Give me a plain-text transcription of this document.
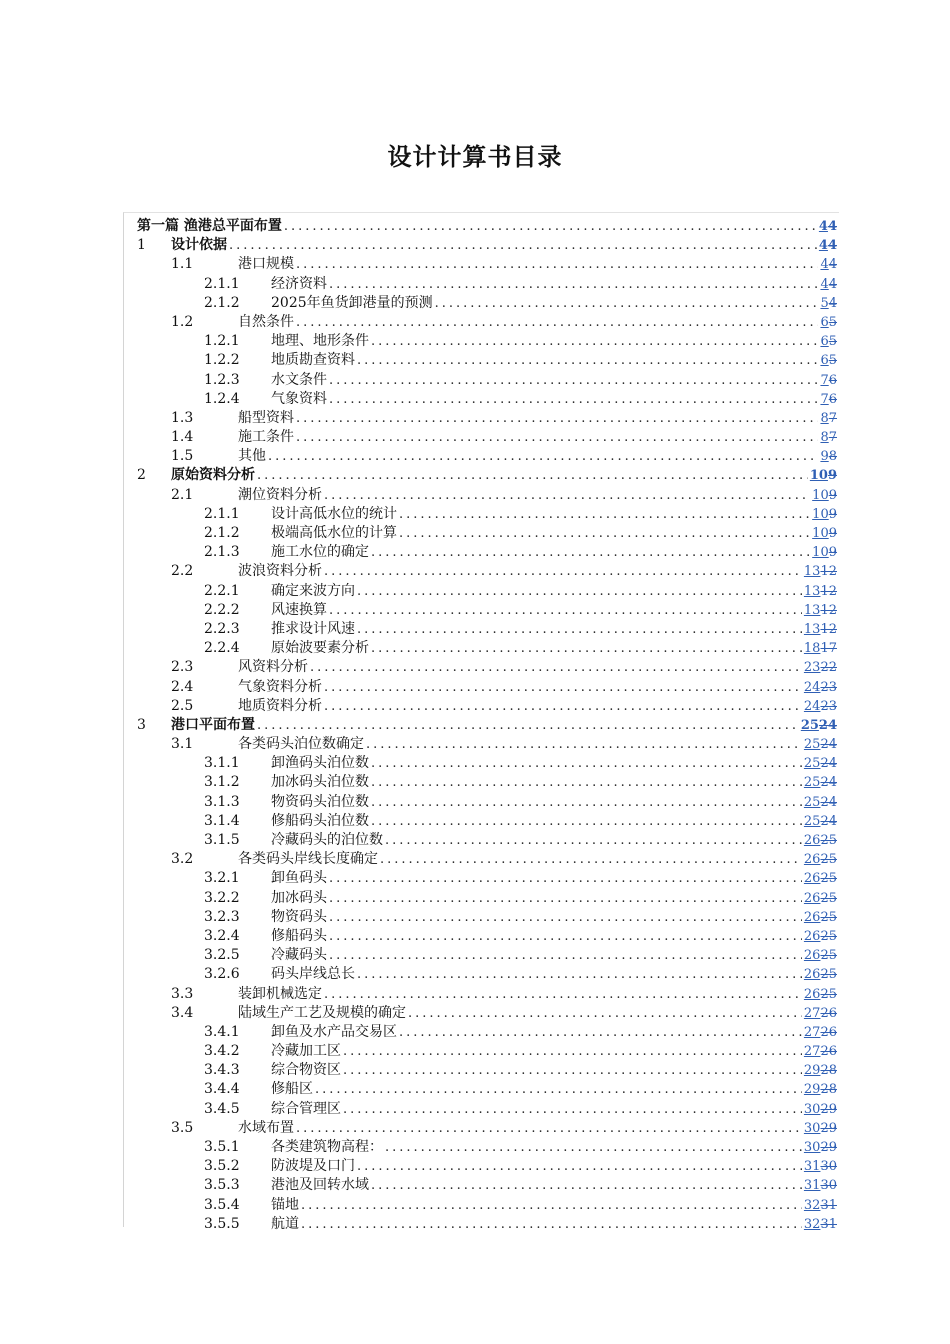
设计计算书目录
第一篇 渔港总平面布置 .....	44
1	设计依据 .....	44
1.1	港口规模 .....	44
2.1.1	经济资料 .....	44
2.1.2	2025年鱼货卸港量的预测 .....	54
1.2	自然条件 .....	65
1.2.1	地理、地形条件 .....	65
1.2.2	地质勘查资料 .....	65
1.2.3	水文条件 .....	76
1.2.4	气象资料 .....	76
1.3	船型资料 .....	87
1.4	施工条件 .....	87
1.5	其他 .....	98
2	原始资料分析 .....	109
2.1	潮位资料分析 .....	109
2.1.1	设计高低水位的统计 .....	109
2.1.2	极端高低水位的计算 .....	109
2.1.3	施工水位的确定 .....	109
2.2	波浪资料分析 .....	1312
2.2.1	确定来波方向 .....	1312
2.2.2	风速换算 .....	1312
2.2.3	推求设计风速 .....	1312
2.2.4	原始波要素分析 .....	1817
2.3	风资料分析 .....	2322
2.4	气象资料分析 .....	2423
2.5	地质资料分析 .....	2423
3	港口平面布置 .....	2524
3.1	各类码头泊位数确定 .....	2524
3.1.1	卸渔码头泊位数 .....	2524
3.1.2	加冰码头泊位数 .....	2524
3.1.3	物资码头泊位数 .....	2524
3.1.4	修船码头泊位数 .....	2524
3.1.5	冷藏码头的泊位数 .....	2625
3.2	各类码头岸线长度确定 .....	2625
3.2.1	卸鱼码头 .....	2625
3.2.2	加冰码头 .....	2625
3.2.3	物资码头 .....	2625
3.2.4	修船码头 .....	2625
3.2.5	冷藏码头 .....	2625
3.2.6	码头岸线总长 .....	2625
3.3	装卸机械选定 .....	2625
3.4	陆域生产工艺及规模的确定 .....	2726
3.4.1	卸鱼及水产品交易区 .....	2726
3.4.2	冷藏加工区 .....	2726
3.4.3	综合物资区 .....	2928
3.4.4	修船区 .....	2928
3.4.5	综合管理区 .....	3029
3.5	水域布置 .....	3029
3.5.1	各类建筑物高程： .....	3029
3.5.2	防波堤及口门 .....	3130
3.5.3	港池及回转水域 .....	3130
3.5.4	锚地 .....	3231
3.5.5	航道 .....	3231
